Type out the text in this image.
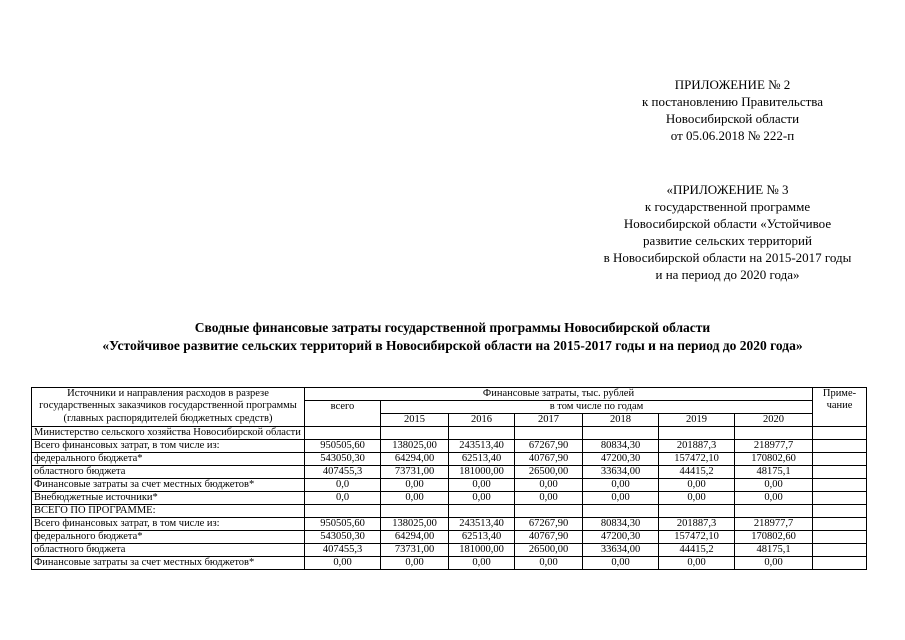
ПРИЛОЖЕНИЕ № 2
к постановлению Правительства
Новосибирской области
от 05.06.2018 № 222-п
«ПРИЛОЖЕНИЕ № 3
к государственной программе
Новосибирской области «Устойчивое
развитие сельских территорий
в Новосибирской области на 2015-2017 годы
и на период до 2020 года»
Сводные финансовые затраты государственной программы Новосибирской области
«Устойчивое развитие сельских территорий в Новосибирской области на 2015-2017 годы и на период до 2020 года»
Источники и направления расходов в разрезе государственных заказчиков государственной программы (главных распорядителей бюджетных средств)	Финансовые затраты, тыс. рублей							Приме-чание
	всего	в том числе по годам						
		2015	2016	2017	2018	2019	2020	
Министерство сельского хозяйства Новосибирской области								
Всего финансовых затрат, в том числе из:	950505,60	138025,00	243513,40	67267,90	80834,30	201887,3	218977,7	
федерального бюджета*	543050,30	64294,00	62513,40	40767,90	47200,30	157472,10	170802,60	
областного бюджета	407455,3	73731,00	181000,00	26500,00	33634,00	44415,2	48175,1	
Финансовые затраты за счет местных бюджетов*	0,0	0,00	0,00	0,00	0,00	0,00	0,00	
Внебюджетные источники*	0,0	0,00	0,00	0,00	0,00	0,00	0,00	
ВСЕГО ПО ПРОГРАММЕ:								
Всего финансовых затрат, в том числе из:	950505,60	138025,00	243513,40	67267,90	80834,30	201887,3	218977,7	
федерального бюджета*	543050,30	64294,00	62513,40	40767,90	47200,30	157472,10	170802,60	
областного бюджета	407455,3	73731,00	181000,00	26500,00	33634,00	44415,2	48175,1	
Финансовые затраты за счет местных бюджетов*	0,00	0,00	0,00	0,00	0,00	0,00	0,00	
